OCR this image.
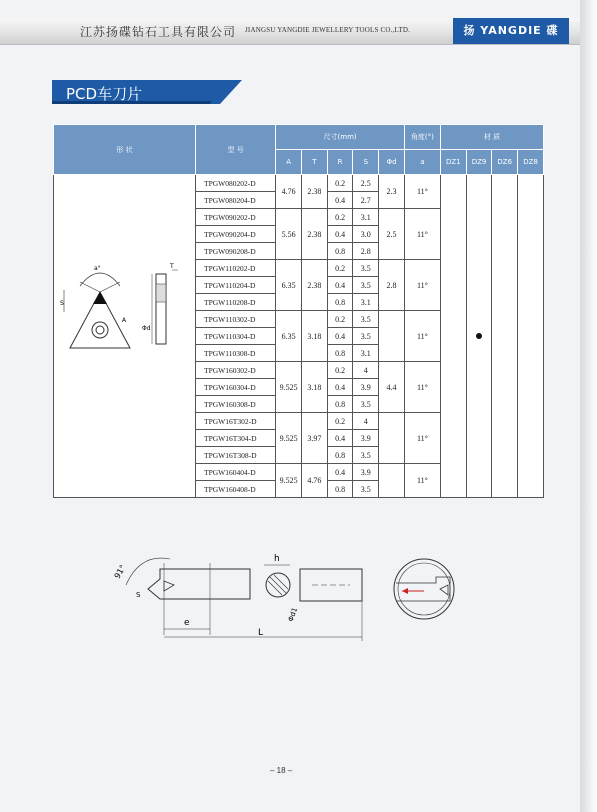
江苏扬碟钻石工具有限公司 JIANGSU YANGDIE JEWELLERY TOOLS CO.,LTD.	扬 YANGDIE 碟
PCD车刀片
形 状	型 号	尺寸(mm)					角度(°)	材 质			
		A	T	R	S	Φd	a	DZ1	DZ9	DZ6	DZ8
	TPGW080202-D	4.76	2.38	0.2	2.5	2.3	11°				
	TPGW080204-D			0.4	2.7						
	TPGW090202-D	5.56	2.38	0.2	3.1	2.5	11°				
	TPGW090204-D			0.4	3.0						
	TPGW090208-D			0.8	2.8						
	TPGW110202-D	6.35	2.38	0.2	3.5	2.8	11°				
	TPGW110204-D			0.4	3.5						
	TPGW110208-D			0.8	3.1						
	TPGW110302-D	6.35	3.18	0.2	3.5		11°				
	TPGW110304-D			0.4	3.5						
	TPGW110308-D			0.8	3.1						
	TPGW160302-D	9.525	3.18	0.2	4	4.4	11°				
	TPGW160304-D			0.4	3.9						
	TPGW160308-D			0.8	3.5						
	TPGW16T302-D	9.525	3.97	0.2	4		11°				
	TPGW16T304-D			0.4	3.9						
	TPGW16T308-D			0.8	3.5						
	TPGW160404-D	9.525	4.76	0.4	3.9		11°				
	TPGW160408-D			0.8	3.5						
a°
S
A
T
Φd
91°
S
e
L
h
Φd1
– 18 –
